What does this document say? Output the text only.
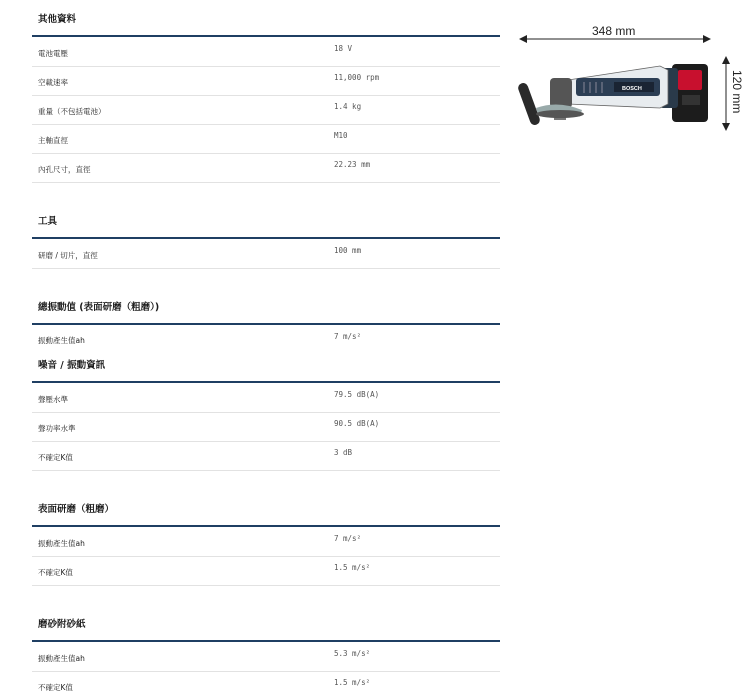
其他資料
電池電壓
18 V
空載速率
11,000 rpm
重量（不包括電池）
1.4 kg
主軸直徑
M10
內孔尺寸，直徑
22.23 mm
工具
研磨 / 切片，直徑
100 mm
總振動值 (表面研磨（粗磨）)
振動產生值ah	7 m/s²
噪音 / 振動資訊
聲壓水準
79.5 dB(A)
聲功率水準
90.5 dB(A)
不確定K值
3 dB
表面研磨（粗磨）
振動產生值ah
7 m/s²
不確定K值
1.5 m/s²
磨砂附砂紙
振動產生值ah
5.3 m/s²
不確定K值
1.5 m/s²
348 mm
120 mm
BOSCH
